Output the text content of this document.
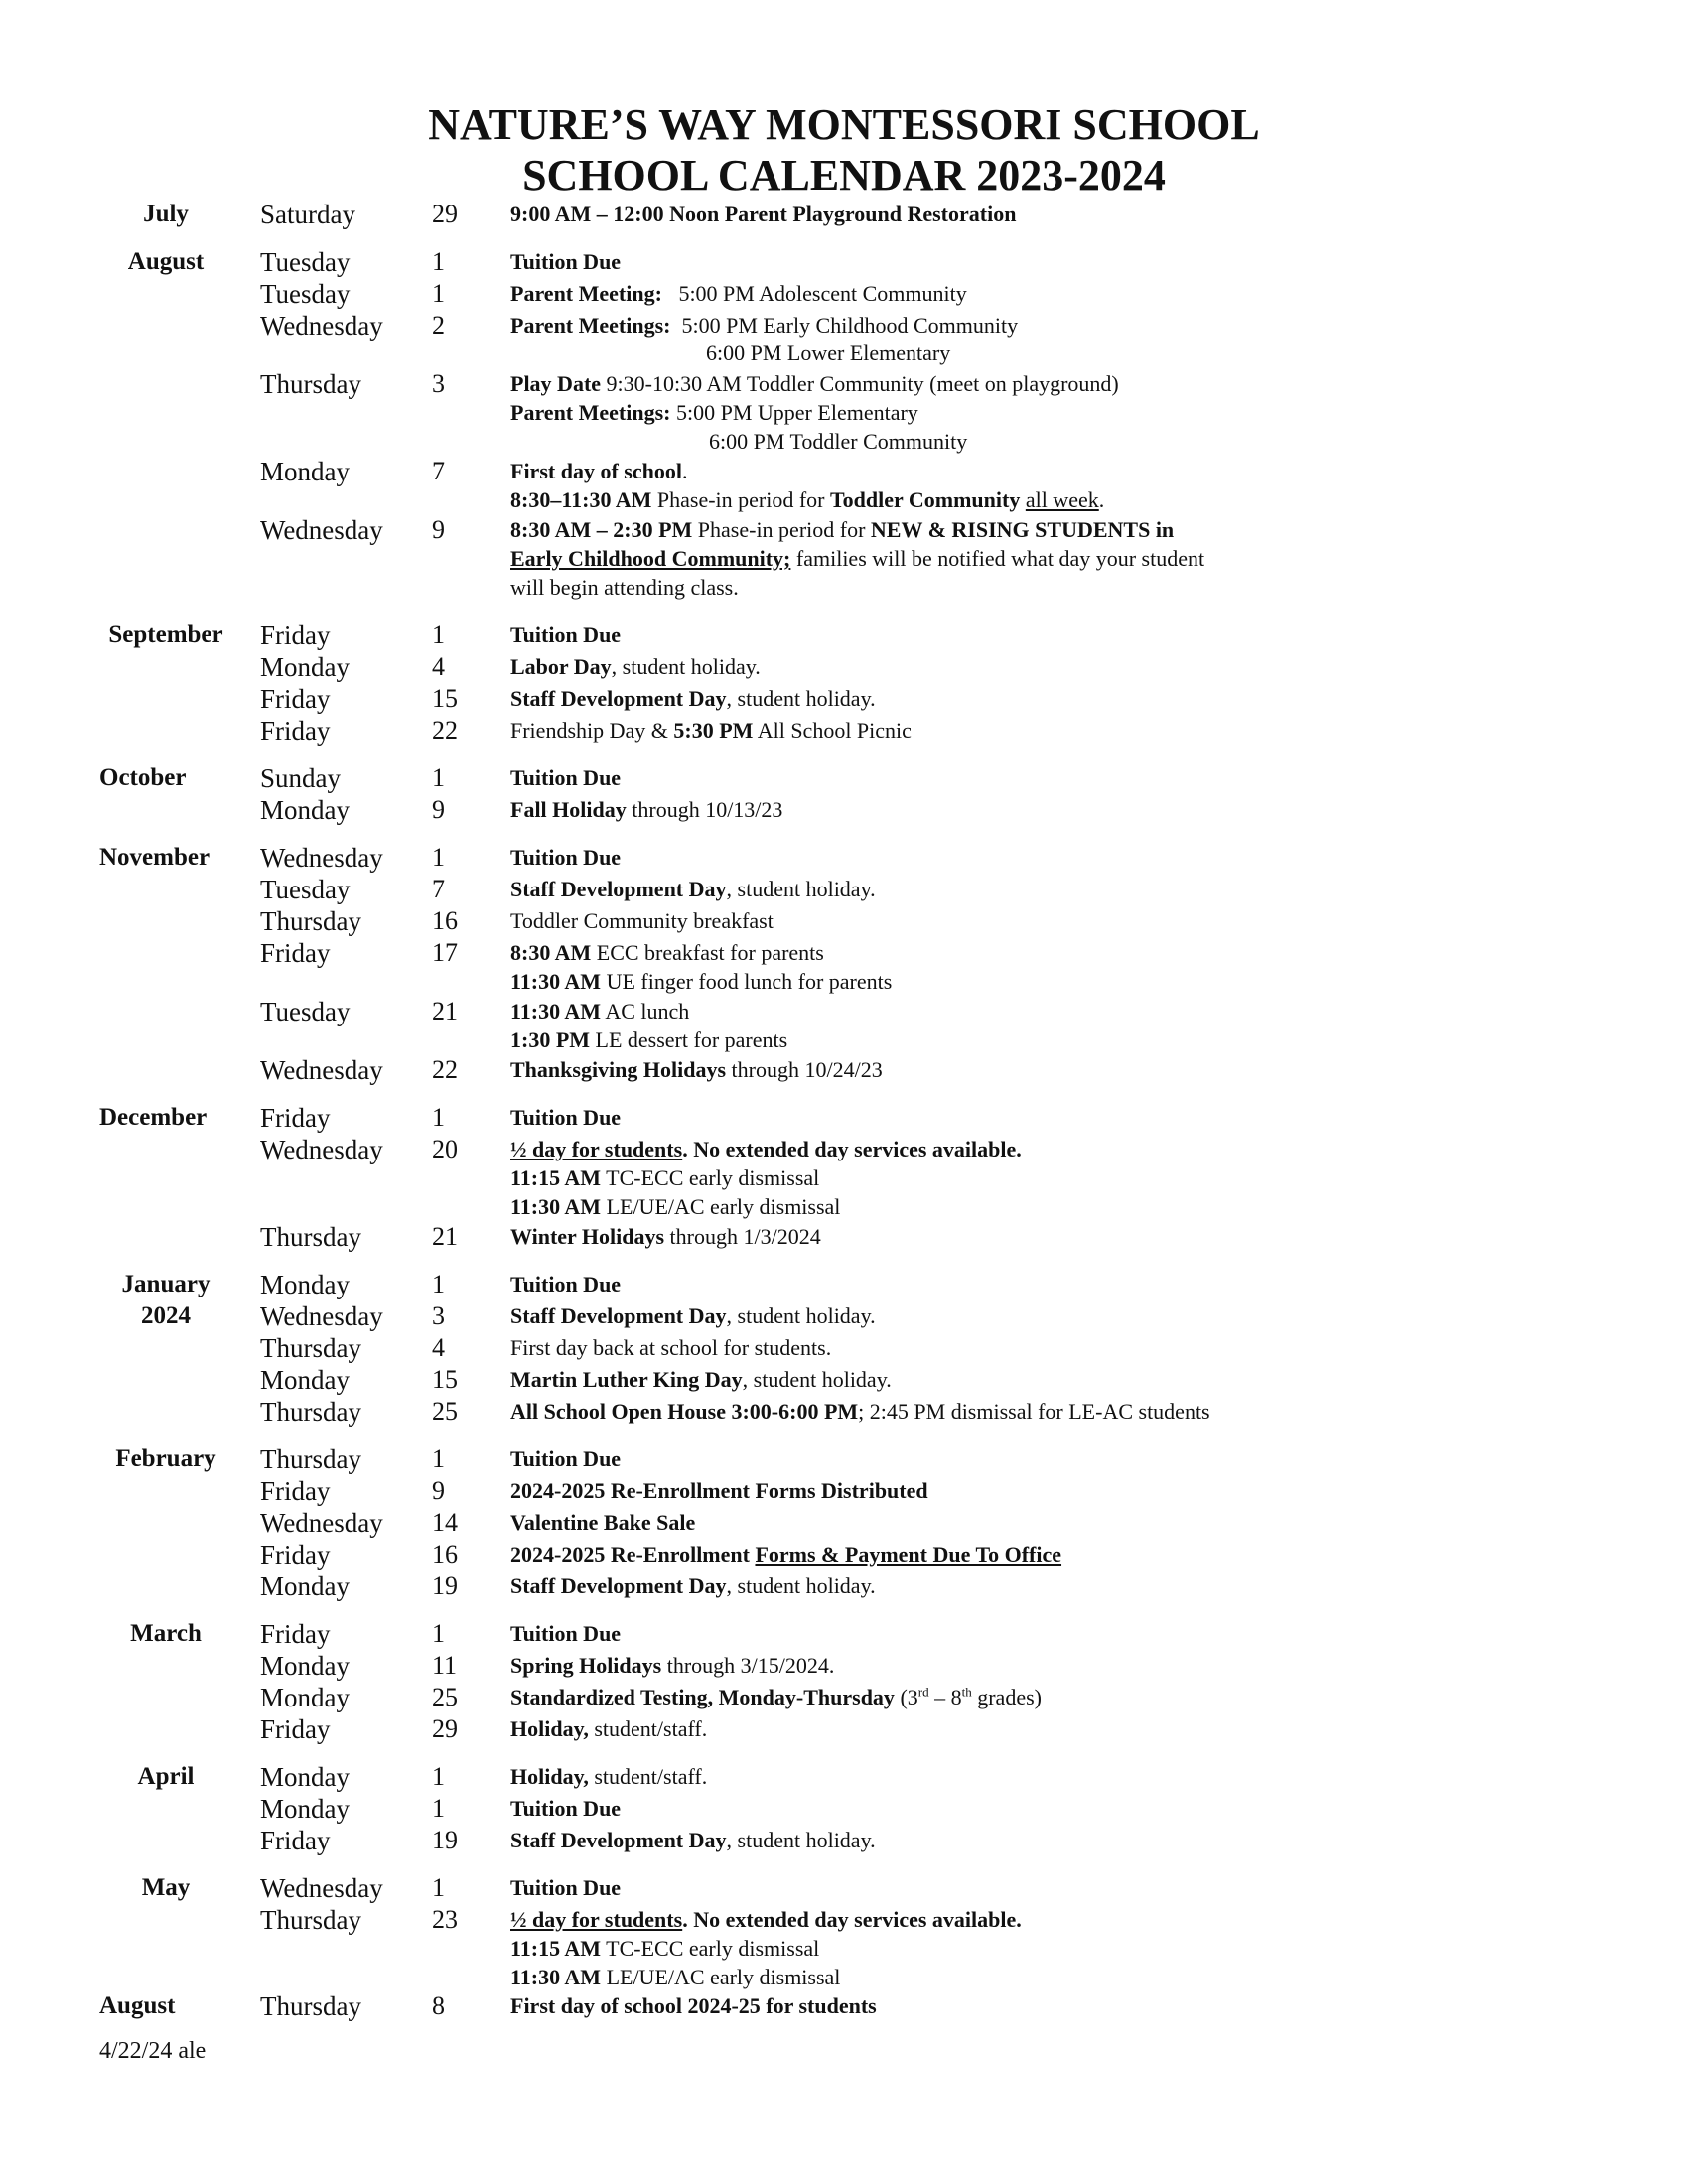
NATURE’S WAY MONTESSORI SCHOOL
SCHOOL CALENDAR 2023-2024
July	Saturday	29 9:00 AM – 12:00 Noon Parent Playground Restoration
August	Tuesday	1	Tuition Due
Tuesday	1	Parent Meeting: 5:00 PM Adolescent Community
Wednesday 2	Parent Meetings: 5:00 PM Early Childhood Community
6:00 PM Lower Elementary
Thursday	3	Play Date 9:30-10:30 AM Toddler Community (meet on playground)
Parent Meetings: 5:00 PM Upper Elementary
6:00 PM Toddler Community
Monday	7	First day of school.
8:30–11:30 AM Phase-in period for Toddler Community all week.
Wednesday 9	8:30 AM – 2:30 PM Phase-in period for NEW & RISING STUDENTS in
Early Childhood Community; families will be notified what day your student
will begin attending class.
September	Friday	1	Tuition Due
Monday	4	Labor Day, student holiday.
Friday	15 Staff Development Day, student holiday.
Friday	22 Friendship Day & 5:30 PM All School Picnic
October	Sunday	1	Tuition Due
Monday	9	Fall Holiday through 10/13/23
November Wednesday 1	Tuition Due
Tuesday	7	Staff Development Day, student holiday.
Thursday	16 Toddler Community breakfast
Friday	17 8:30 AM ECC breakfast for parents
11:30 AM UE finger food lunch for parents
Tuesday	21 11:30 AM AC lunch
1:30 PM LE dessert for parents
Wednesday 22 Thanksgiving Holidays through 10/24/23
December Friday	1	Tuition Due
Wednesday 20 ½ day for students. No extended day services available.
11:15 AM TC-ECC early dismissal
11:30 AM LE/UE/AC early dismissal
Thursday	21 Winter Holidays through 1/3/2024
January	Monday	1	Tuition Due
2024	Wednesday 3	Staff Development Day, student holiday.
Thursday	4	First day back at school for students.
Monday	15 Martin Luther King Day, student holiday.
Thursday	25 All School Open House 3:00-6:00 PM; 2:45 PM dismissal for LE-AC students
February	Thursday	1	Tuition Due
Friday	9	2024-2025 Re-Enrollment Forms Distributed
Wednesday 14 Valentine Bake Sale
Friday	16 2024-2025 Re-Enrollment Forms & Payment Due To Office
Monday	19 Staff Development Day, student holiday.
March	Friday	1	Tuition Due
Monday	11 Spring Holidays through 3/15/2024.
Monday	25 Standardized Testing, Monday-Thursday (3rd – 8th grades)
Friday	29 Holiday, student/staff.
April	Monday	1	Holiday, student/staff.
Monday	1	Tuition Due
Friday	19 Staff Development Day, student holiday.
May	Wednesday 1	Tuition Due
Thursday	23 ½ day for students. No extended day services available.
11:15 AM TC-ECC early dismissal
11:30 AM LE/UE/AC early dismissal
August	Thursday	8	First day of school 2024-25 for students
4/22/24 ale
